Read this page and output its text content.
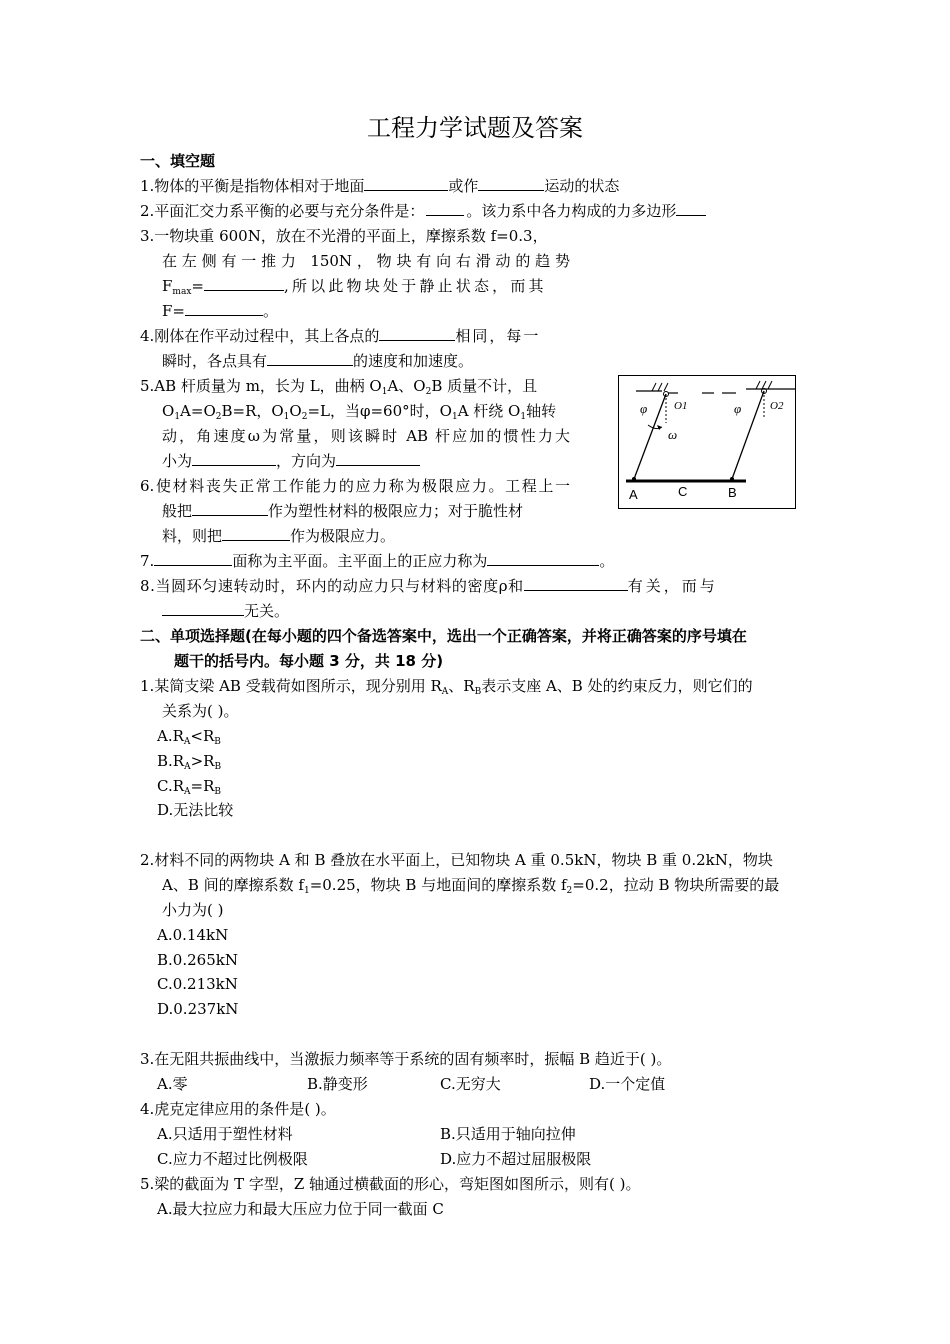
工程力学试题及答案
一、填空题
1.物体的平衡是指物体相对于地面	或作	运动的状态
2.平面汇交力系平衡的必要与充分条件是：	。该力系中各力构成的力多边形
3.一物块重 600N，放在不光滑的平面上，摩擦系数 f=0.3，
在左侧有一推力 150N，物块有向右滑动的趋势
$F_{max}=$	,所以此物块处于静止状态，而其
F=	。
4.刚体在作平动过程中，其上各点的	相同，每一
瞬时，各点具有	的速度和加速度。
5.AB 杆质量为 m，长为 L，曲柄 $O_1A$、$O_2B$ 质量不计，且
$O_1A=O_2B=R$，$O_1O_2=L$，当φ=60°时，$O_1A$ 杆绕 $O_1$轴转
动，角速度ω为常量，则该瞬时 AB 杆应加的惯性力大
小为	，方向为
6.使材料丧失正常工作能力的应力称为极限应力。工程上一
般把	作为塑性材料的极限应力；对于脆性材
料，则把	作为极限应力。
7.	面称为主平面。主平面上的正应力称为	。
8.当圆环匀速转动时，环内的动应力只与材料的密度ρ和	有关，而与
无关。
A	C	B
O1	O2
φ	φ
ω
二、单项选择题(在每小题的四个备选答案中，选出一个正确答案，并将正确答案的序号填在
题干的括号内。每小题 3 分，共 18 分)
1.某简支梁 AB 受载荷如图所示，现分别用 $R_A$、$R_B$表示支座 A、B 处的约束反力，则它们的
关系为( )。
$A.R_A<R_B$
$B.R_A>R_B$
$C.R_A=R_B$
D.无法比较
2.材料不同的两物块 A 和 B 叠放在水平面上，已知物块 A 重 0.5kN，物块 B 重 0.2kN，物块
A、B 间的摩擦系数 $f_1=0.25$，物块 B 与地面间的摩擦系数 $f_2=0.2$，拉动 B 物块所需要的最
小力为( )
A.0.14kN
B.0.265kN
C.0.213kN
D.0.237kN
3.在无阻共振曲线中，当激振力频率等于系统的固有频率时，振幅 B 趋近于( )。
A.零	B.静变形	C.无穷大	D.一个定值
4.虎克定律应用的条件是( )。
A.只适用于塑性材料	B.只适用于轴向拉伸
C.应力不超过比例极限	D.应力不超过屈服极限
5.梁的截面为 T 字型，Z 轴通过横截面的形心，弯矩图如图所示，则有( )。
A.最大拉应力和最大压应力位于同一截面 C
